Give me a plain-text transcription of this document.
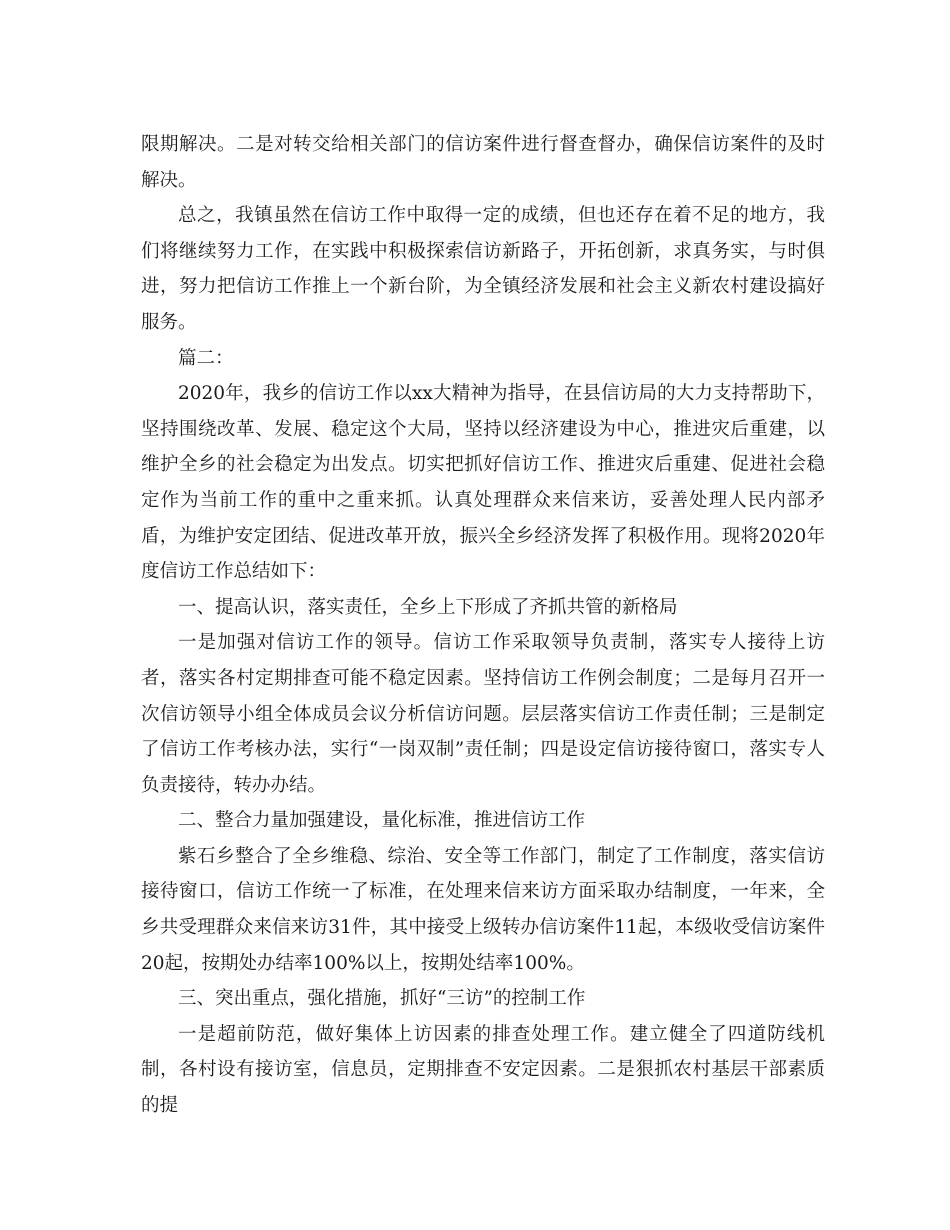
限期解决。二是对转交给相关部门的信访案件进行督查督办，确保信访案件的及时解决。

总之，我镇虽然在信访工作中取得一定的成绩，但也还存在着不足的地方，我们将继续努力工作，在实践中积极探索信访新路子，开拓创新，求真务实，与时俱进，努力把信访工作推上一个新台阶，为全镇经济发展和社会主义新农村建设搞好服务。

篇二：

2020年，我乡的信访工作以xx大精神为指导，在县信访局的大力支持帮助下，坚持围绕改革、发展、稳定这个大局，坚持以经济建设为中心，推进灾后重建，以维护全乡的社会稳定为出发点。切实把抓好信访工作、推进灾后重建、促进社会稳定作为当前工作的重中之重来抓。认真处理群众来信来访，妥善处理人民内部矛盾，为维护安定团结、促进改革开放，振兴全乡经济发挥了积极作用。现将2020年度信访工作总结如下：

一、提高认识，落实责任，全乡上下形成了齐抓共管的新格局

一是加强对信访工作的领导。信访工作采取领导负责制，落实专人接待上访者，落实各村定期排查可能不稳定因素。坚持信访工作例会制度；二是每月召开一次信访领导小组全体成员会议分析信访问题。层层落实信访工作责任制；三是制定了信访工作考核办法，实行“一岗双制”责任制；四是设定信访接待窗口，落实专人负责接待，转办办结。

二、整合力量加强建设，量化标准，推进信访工作

紫石乡整合了全乡维稳、综治、安全等工作部门，制定了工作制度，落实信访接待窗口，信访工作统一了标准，在处理来信来访方面采取办结制度，一年来，全乡共受理群众来信来访31件，其中接受上级转办信访案件11起，本级收受信访案件20起，按期处办结率100%以上，按期处结率100%。

三、突出重点，强化措施，抓好“三访”的控制工作

一是超前防范，做好集体上访因素的排查处理工作。建立健全了四道防线机制，各村设有接访室，信息员，定期排查不安定因素。二是狠抓农村基层干部素质的提
